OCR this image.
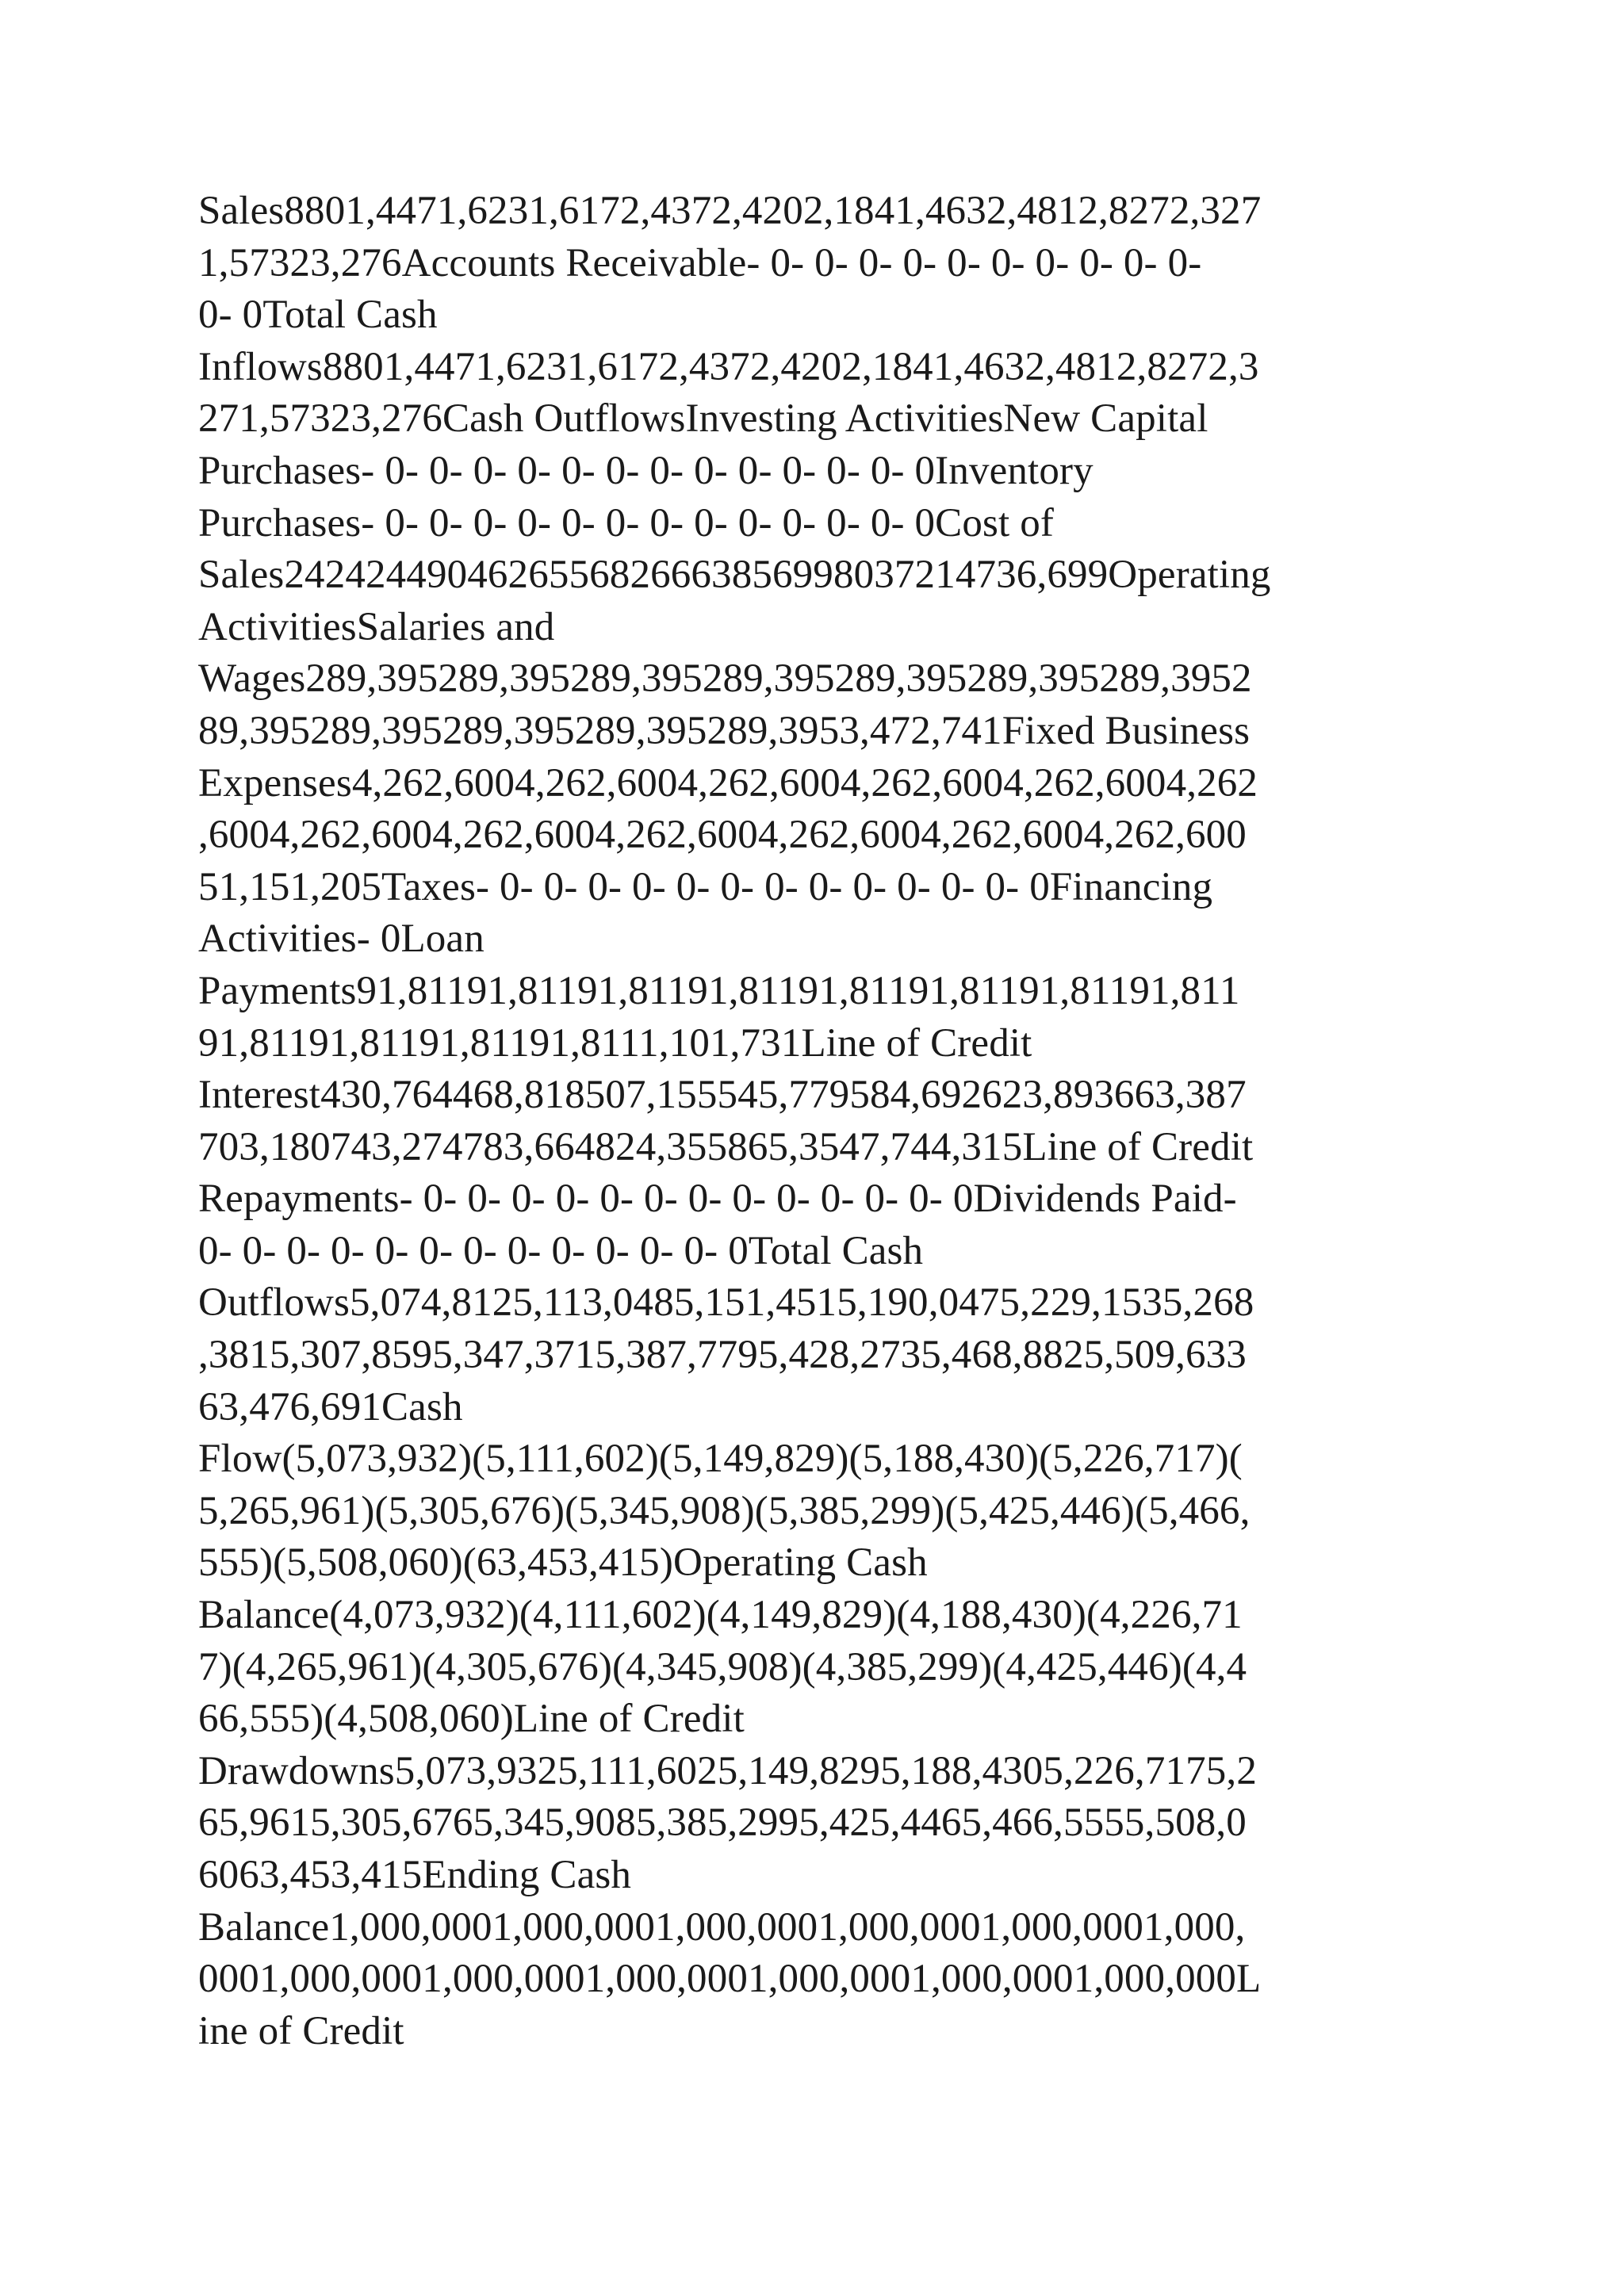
Sales8801,4471,6231,6172,4372,4202,1841,4632,4812,8272,327
1,57323,276Accounts Receivable- 0- 0- 0- 0- 0- 0- 0- 0- 0- 0-
0- 0Total Cash
Inflows8801,4471,6231,6172,4372,4202,1841,4632,4812,8272,3
271,57323,276Cash OutflowsInvesting ActivitiesNew Capital
Purchases- 0- 0- 0- 0- 0- 0- 0- 0- 0- 0- 0- 0- 0Inventory
Purchases- 0- 0- 0- 0- 0- 0- 0- 0- 0- 0- 0- 0- 0Cost of
Sales242424490462655682666385699803721473​6,699Operating
ActivitiesSalaries and
Wages289,395289,395289,395289,395289,395289,395289,3952
89,395289,395289,395289,395289,3953,472,741Fixed Business
Expenses4,262,6004,262,6004,262,6004,262,6004,262,6004,262
,6004,262,6004,262,6004,262,6004,262,6004,262,6004,262,600
51,151,205Taxes- 0- 0- 0- 0- 0- 0- 0- 0- 0- 0- 0- 0- 0Financing
Activities- 0Loan
Payments91,81191,81191,81191,81191,81191,81191,81191,811
91,81191,81191,81191,8111,101,731Line of Credit
Interest430,764468,818507,155545,779584,692623,893663,387
703,180743,274783,664824,355865,3547,744,315Line of Credit
Repayments- 0- 0- 0- 0- 0- 0- 0- 0- 0- 0- 0- 0- 0Dividends Paid-
0- 0- 0- 0- 0- 0- 0- 0- 0- 0- 0- 0- 0Total Cash
Outflows5,074,8125,113,0485,151,4515,190,0475,229,1535,268
,3815,307,8595,347,3715,387,7795,428,2735,468,8825,509,633
63,476,691Cash
Flow(5,073,932)(5,111,602)(5,149,829)(5,188,430)(5,226,717)(
5,265,961)(5,305,676)(5,345,908)(5,385,299)(5,425,446)(5,466,
555)(5,508,060)(63,453,415)Operating Cash
Balance(4,073,932)(4,111,602)(4,149,829)(4,188,430)(4,226,71
7)(4,265,961)(4,305,676)(4,345,908)(4,385,299)(4,425,446)(4,4
66,555)(4,508,060)Line of Credit
Drawdowns5,073,9325,111,6025,149,8295,188,4305,226,7175,2
65,9615,305,6765,345,9085,385,2995,425,4465,466,5555,508,0
6063,453,415Ending Cash
Balance1,000,0001,000,0001,000,0001,000,0001,000,0001,000,
0001,000,0001,000,0001,000,0001,000,0001,000,0001,000,000L
ine of Credit
